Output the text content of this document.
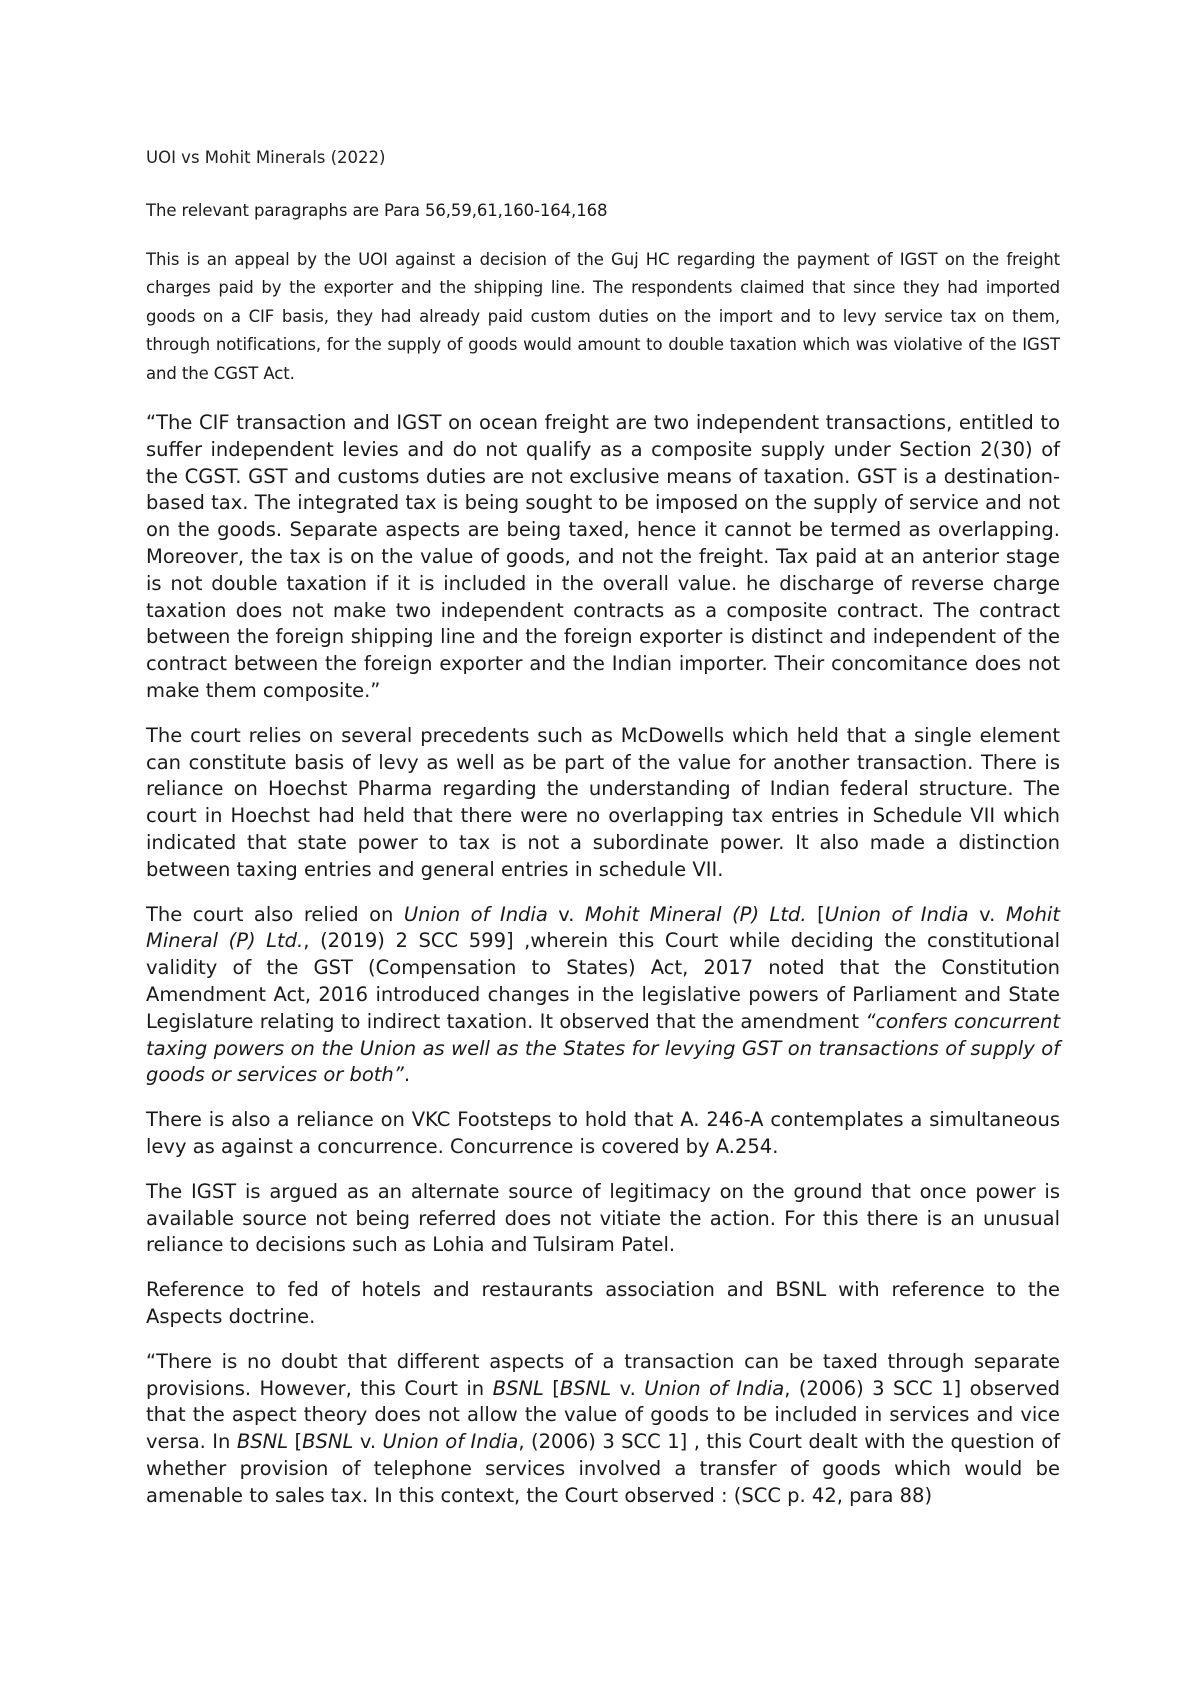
UOI vs Mohit Minerals (2022)

The relevant paragraphs are Para 56,59,61,160-164,168

This is an appeal by the UOI against a decision of the Guj HC regarding the payment of IGST on the freight charges paid by the exporter and the shipping line. The respondents claimed that since they had imported goods on a CIF basis, they had already paid custom duties on the import and to levy service tax on them, through notifications, for the supply of goods would amount to double taxation which was violative of the IGST and the CGST Act.

“The CIF transaction and IGST on ocean freight are two independent transactions, entitled to suffer independent levies and do not qualify as a composite supply under Section 2(30) of the CGST. GST and customs duties are not exclusive means of taxation. GST is a destination-based tax. The integrated tax is being sought to be imposed on the supply of service and not on the goods. Separate aspects are being taxed, hence it cannot be termed as overlapping. Moreover, the tax is on the value of goods, and not the freight. Tax paid at an anterior stage is not double taxation if it is included in the overall value. he discharge of reverse charge taxation does not make two independent contracts as a composite contract. The contract between the foreign shipping line and the foreign exporter is distinct and independent of the contract between the foreign exporter and the Indian importer. Their concomitance does not make them composite.”

The court relies on several precedents such as McDowells which held that a single element can constitute basis of levy as well as be part of the value for another transaction. There is reliance on Hoechst Pharma regarding the understanding of Indian federal structure. The court in Hoechst had held that there were no overlapping tax entries in Schedule VII which indicated that state power to tax is not a subordinate power. It also made a distinction between taxing entries and general entries in schedule VII.

The court also relied on Union of India v. Mohit Mineral (P) Ltd. [Union of India v. Mohit Mineral (P) Ltd., (2019) 2 SCC 599] ,wherein this Court while deciding the constitutional validity of the GST (Compensation to States) Act, 2017 noted that the Constitution Amendment Act, 2016 introduced changes in the legislative powers of Parliament and State Legislature relating to indirect taxation. It observed that the amendment “confers concurrent taxing powers on the Union as well as the States for levying GST on transactions of supply of goods or services or both”.

There is also a reliance on VKC Footsteps to hold that A. 246-A contemplates a simultaneous levy as against a concurrence. Concurrence is covered by A.254.

The IGST is argued as an alternate source of legitimacy on the ground that once power is available source not being referred does not vitiate the action. For this there is an unusual reliance to decisions such as Lohia and Tulsiram Patel.

Reference to fed of hotels and restaurants association and BSNL with reference to the Aspects doctrine.

“There is no doubt that different aspects of a transaction can be taxed through separate provisions. However, this Court in BSNL [BSNL v. Union of India, (2006) 3 SCC 1] observed that the aspect theory does not allow the value of goods to be included in services and vice versa. In BSNL [BSNL v. Union of India, (2006) 3 SCC 1] , this Court dealt with the question of whether provision of telephone services involved a transfer of goods which would be amenable to sales tax. In this context, the Court observed : (SCC p. 42, para 88)
